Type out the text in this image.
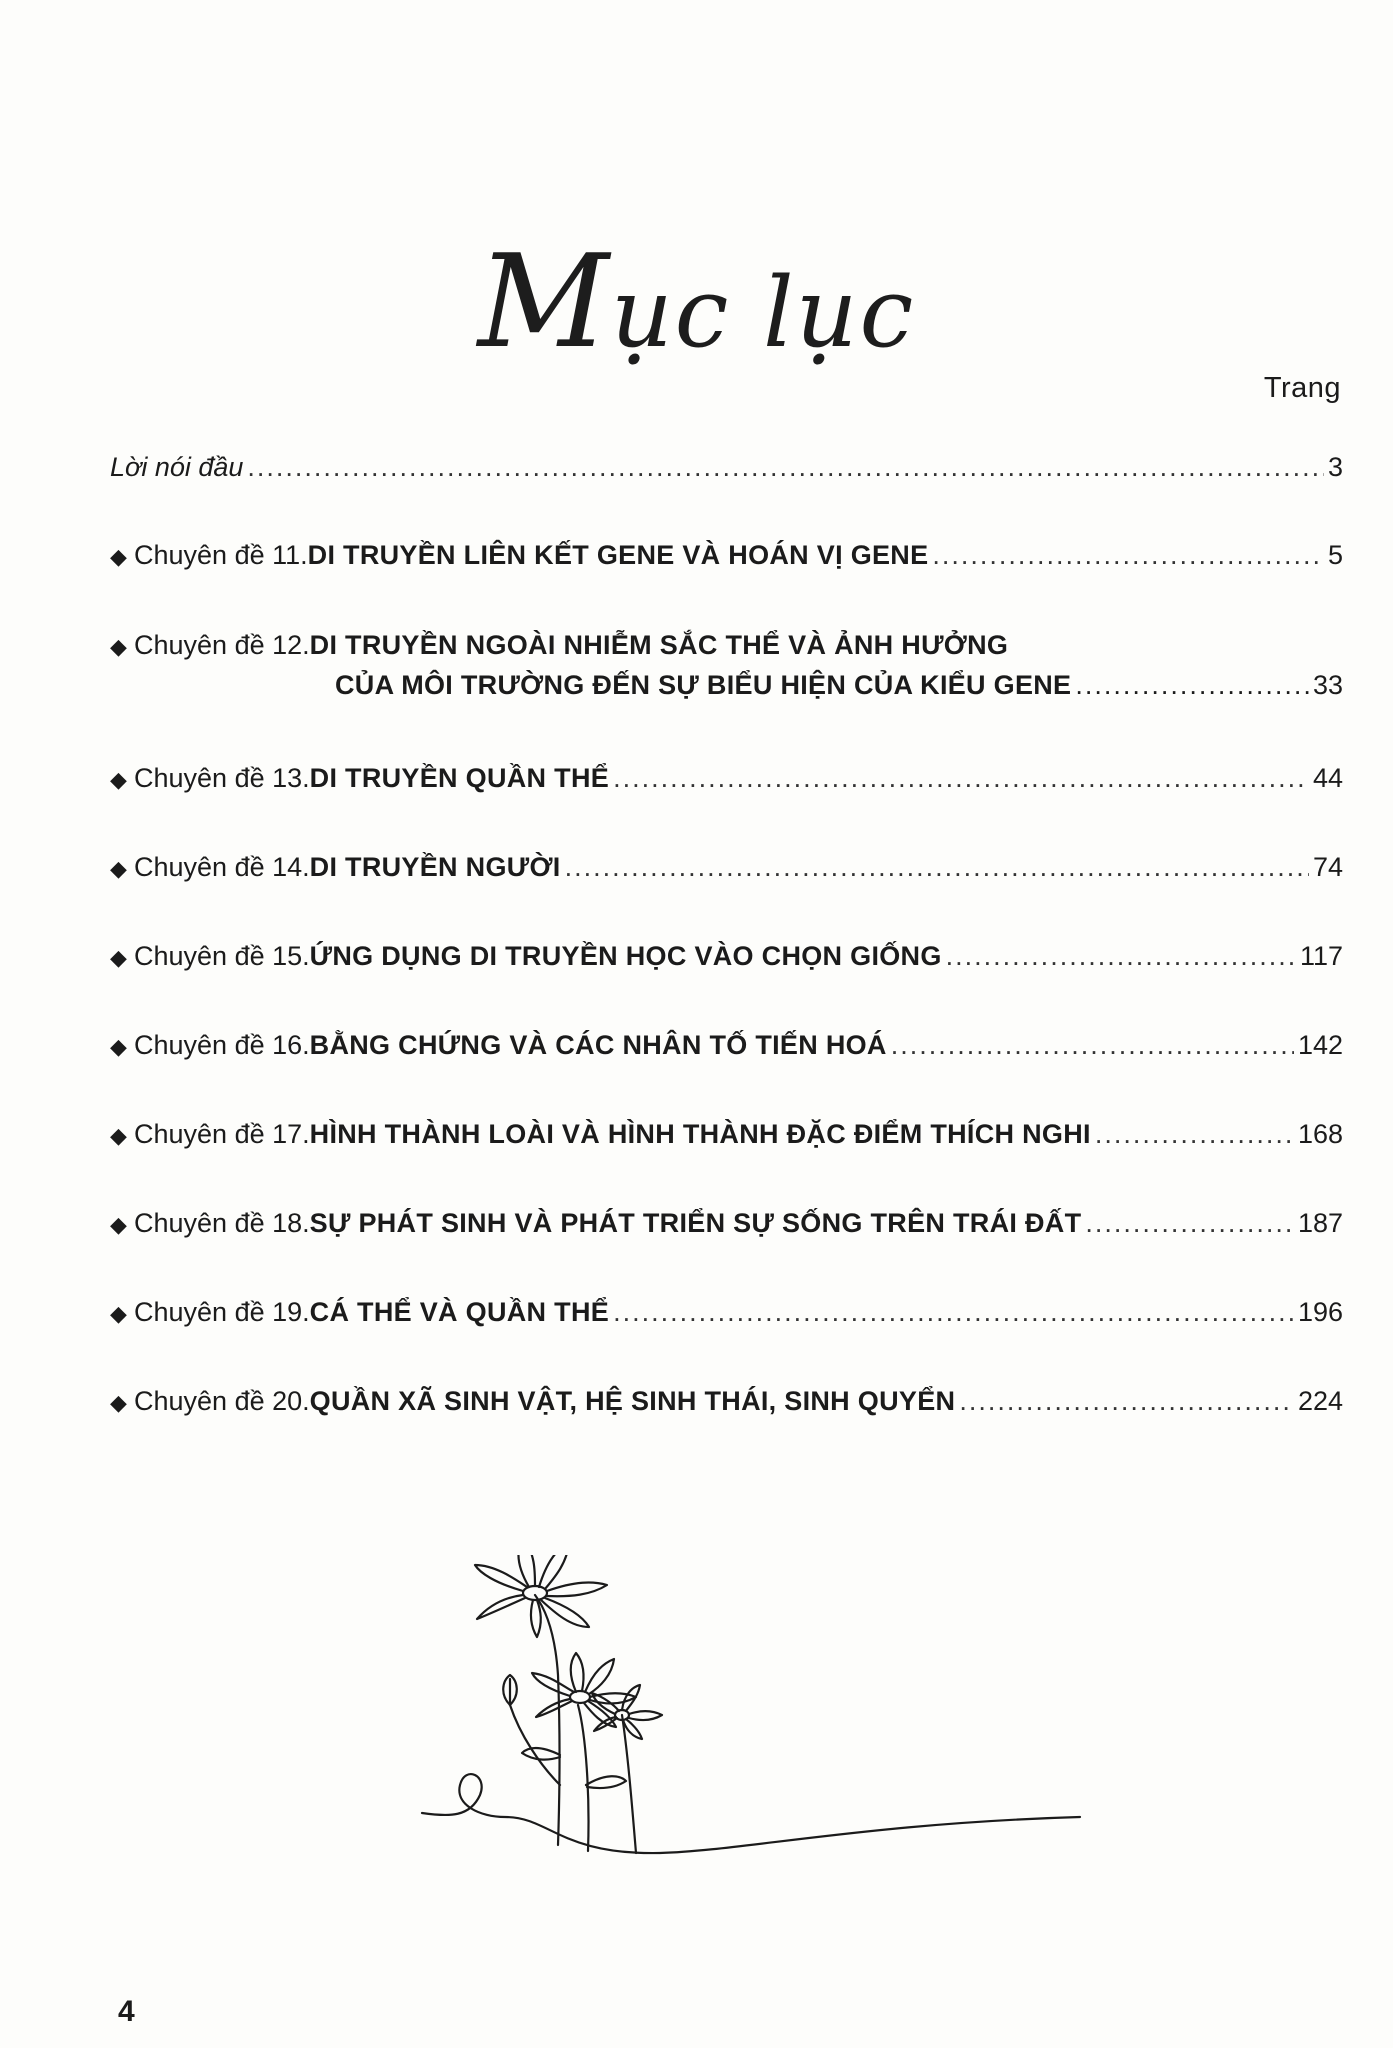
Mục lục
Trang
Lời nói đầu .....	3
◆ Chuyên đề 11. DI TRUYỀN LIÊN KẾT GENE VÀ HOÁN VỊ GENE .....	5
◆ Chuyên đề 12. DI TRUYỀN NGOÀI NHIỄM SẮC THỂ VÀ ẢNH HƯỞNG
CỦA MÔI TRƯỜNG ĐẾN SỰ BIỂU HIỆN CỦA KIỂU GENE .....	33
◆ Chuyên đề 13. DI TRUYỀN QUẦN THỂ .....	44
◆ Chuyên đề 14. DI TRUYỀN NGƯỜI .....	74
◆ Chuyên đề 15. ỨNG DỤNG DI TRUYỀN HỌC VÀO CHỌN GIỐNG .....	117
◆ Chuyên đề 16. BẰNG CHỨNG VÀ CÁC NHÂN TỐ TIẾN HOÁ .....	142
◆ Chuyên đề 17. HÌNH THÀNH LOÀI VÀ HÌNH THÀNH ĐẶC ĐIỂM THÍCH NGHI .....	168
◆ Chuyên đề 18. SỰ PHÁT SINH VÀ PHÁT TRIỂN SỰ SỐNG TRÊN TRÁI ĐẤT .....	187
◆ Chuyên đề 19. CÁ THỂ VÀ QUẦN THỂ .....	196
◆ Chuyên đề 20. QUẦN XÃ SINH VẬT, HỆ SINH THÁI, SINH QUYỂN .....	224
4
